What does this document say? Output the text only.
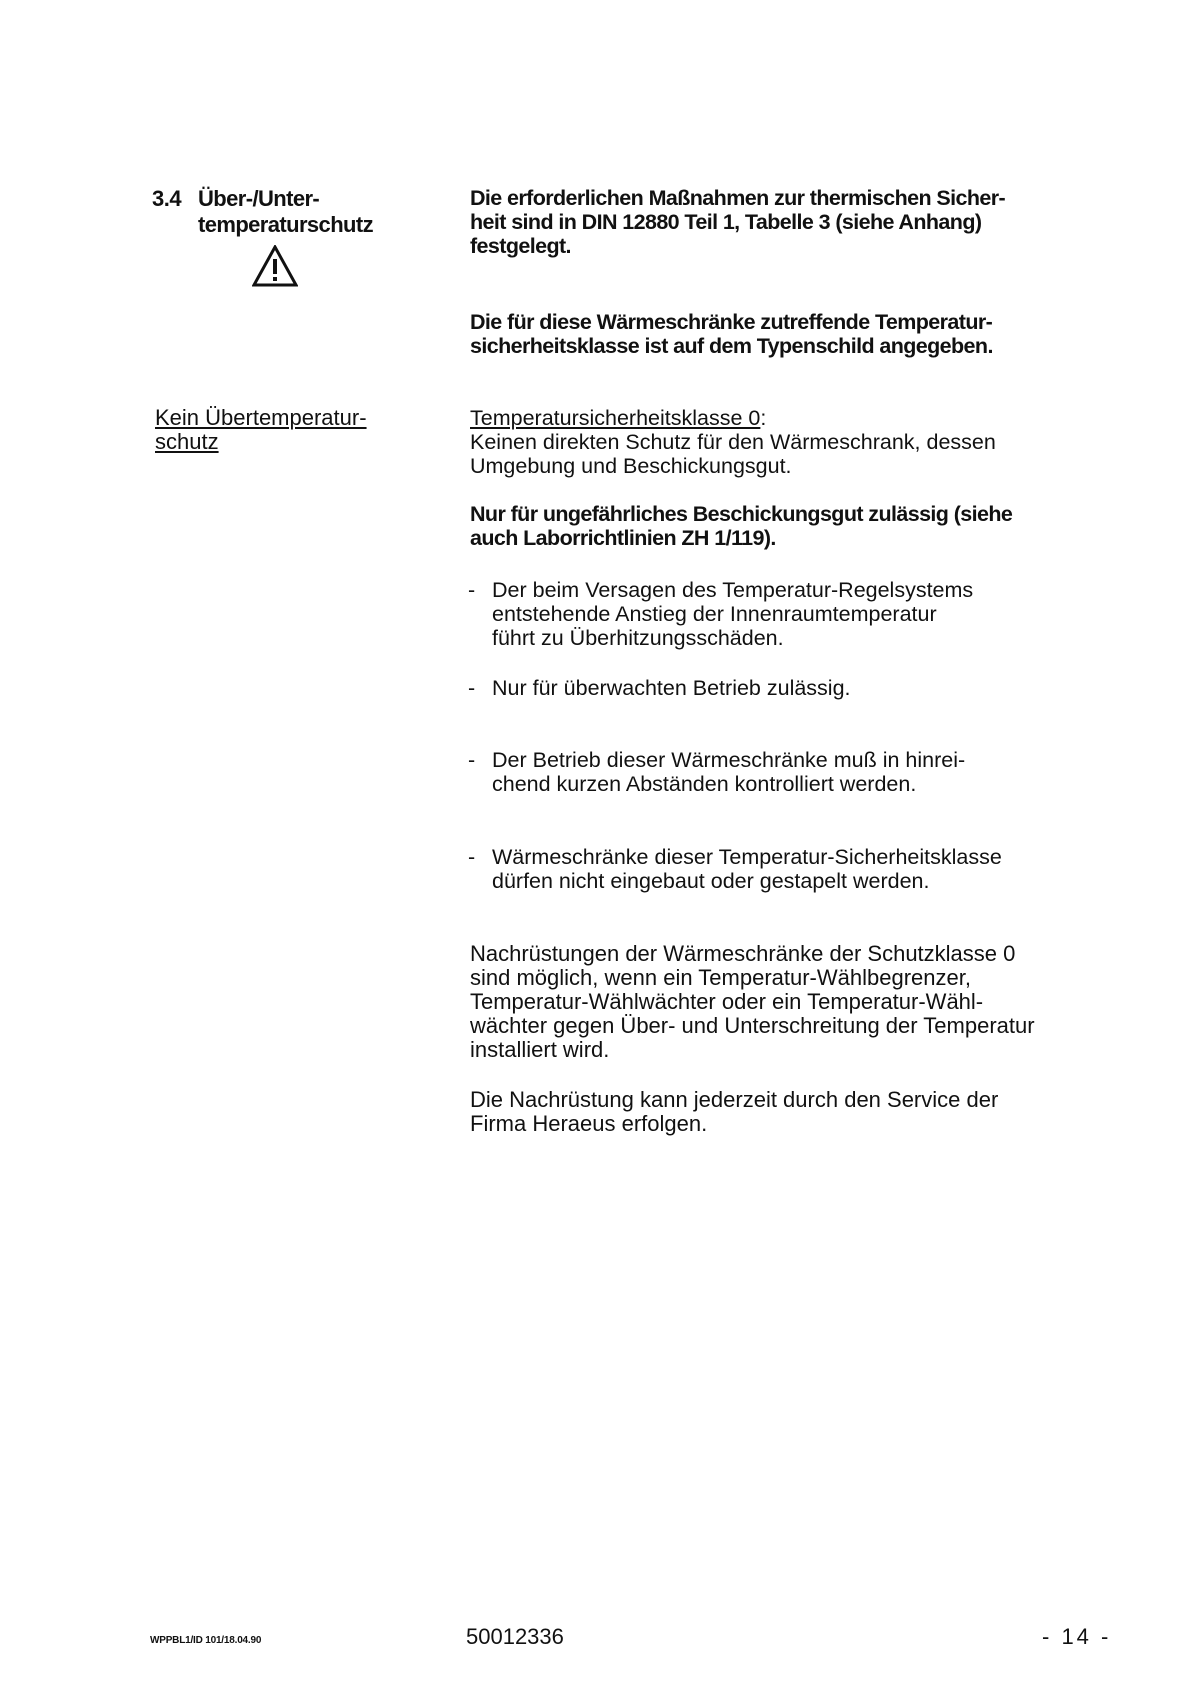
3.4 Über-/Unter-
temperaturschutz
Kein Übertemperatur-
schutz
Die erforderlichen Maßnahmen zur thermischen Sicher-
heit sind in DIN 12880 Teil 1, Tabelle 3 (siehe Anhang)
festgelegt.
Die für diese Wärmeschränke zutreffende Temperatur-
sicherheitsklasse ist auf dem Typenschild angegeben.
Temperatursicherheitsklasse 0:
Keinen direkten Schutz für den Wärmeschrank, dessen
Umgebung und Beschickungsgut.
Nur für ungefährliches Beschickungsgut zulässig (siehe
auch Laborrichtlinien ZH 1/119).
- Der beim Versagen des Temperatur-Regelsystems
entstehende Anstieg der Innenraumtemperatur
führt zu Überhitzungsschäden.
- Nur für überwachten Betrieb zulässig.
- Der Betrieb dieser Wärmeschränke muß in hinrei-
chend kurzen Abständen kontrolliert werden.
- Wärmeschränke dieser Temperatur-Sicherheitsklasse
dürfen nicht eingebaut oder gestapelt werden.
Nachrüstungen der Wärmeschränke der Schutzklasse 0
sind möglich, wenn ein Temperatur-Wählbegrenzer,
Temperatur-Wählwächter oder ein Temperatur-Wähl-
wächter gegen Über- und Unterschreitung der Temperatur
installiert wird.
Die Nachrüstung kann jederzeit durch den Service der
Firma Heraeus erfolgen.
WPPBL1/ID 101/18.04.90	50012336	- 14 -
